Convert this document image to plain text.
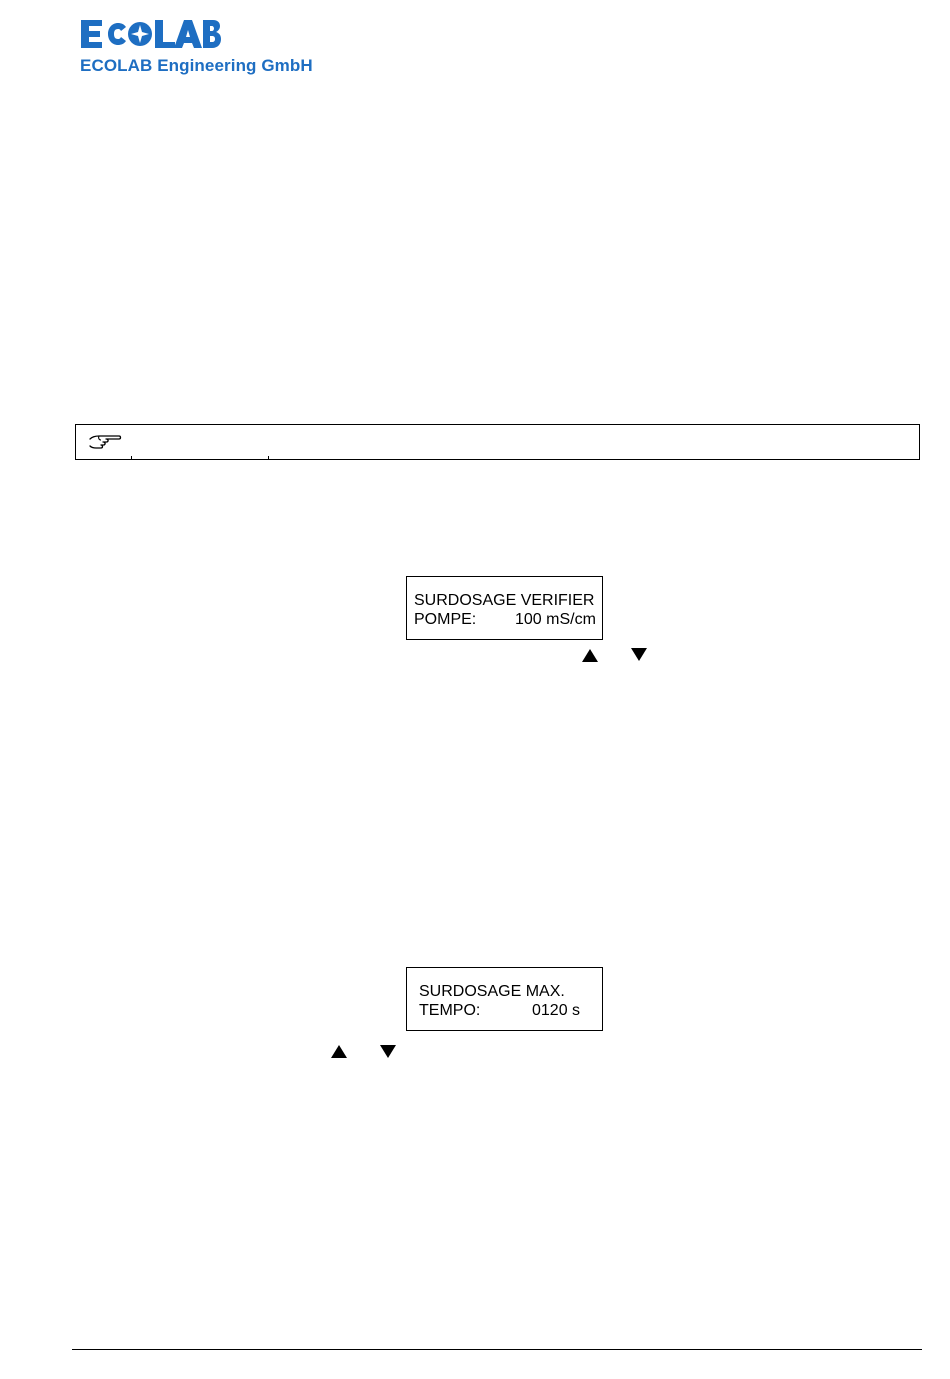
ECOLAB Engineering GmbH
SURDOSAGE VERIFIER
POMPE: 100 mS/cm
SURDOSAGE MAX.
TEMPO:	0120 s
